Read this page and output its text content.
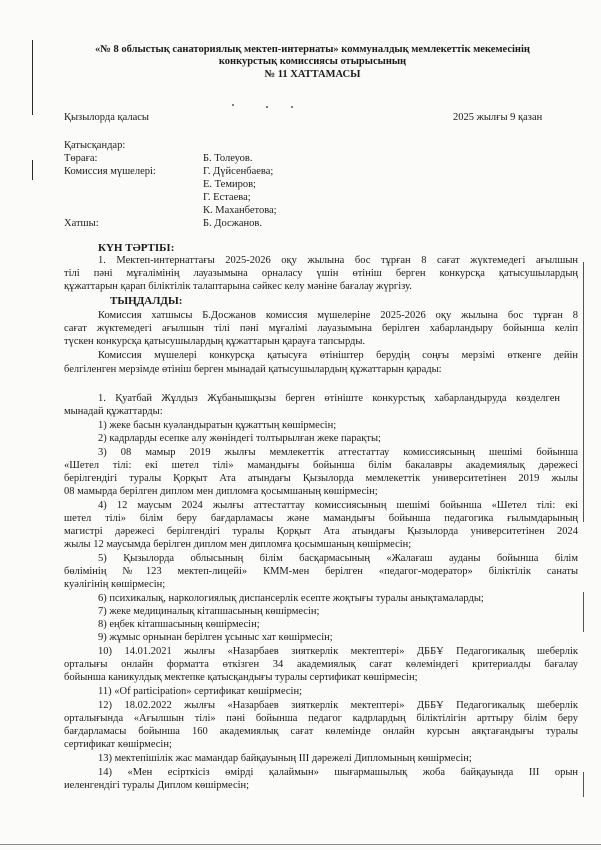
«№ 8 облыстық санаториялық мектеп-интернаты» коммуналдық мемлекеттік мекемесінің
конкурстық комиссиясы отырысының
№ 11 ХАТТАМАСЫ
Қызылорда қаласы	2025 жылғы 9 қазан
Қатысқандар:
Төраға:	Б. Толеуов.
Комиссия мүшелері:	Г. Дүйсенбаева;
Е. Темиров;
Г. Естаева;
К. Маханбетова;
Хатшы:	Б. Досжанов.
КҮН ТӘРТІБІ:
1. Мектеп-интернаттағы 2025-2026 оқу жылына бос тұрған 8 сағат жүктемедегі ағылшын
тілі пәні мұғалімінің лауазымына орналасу үшін өтініш берген конкурсқа қатысушылардың
құжаттарын қарап біліктілік талаптарына сәйкес келу мәніне бағалау жүргізу.
ТЫҢДАЛДЫ:
Комиссия хатшысы Б.Досжанов комиссия мүшелеріне 2025-2026 оқу жылына бос тұрған 8
сағат жүктемедегі ағылшын тілі пәні мұғалімі лауазымына берілген хабарландыру бойынша келіп
түскен конкурсқа қатысушылардың құжаттарын қарауға тапсырды.
Комиссия мүшелері конкурсқа қатысуға өтініштер берудің соңғы мерзімі өткенге дейін
белгіленген мерзімде өтініш берген мынадай қатысушылардың құжаттарын қарады:
1. Қуатбай Жұлдыз Жұбанышқызы берген өтініште конкурстық хабарландыруда көзделген
мынадай құжаттарды:
1) жеке басын куәландыратын құжаттың көшірмесін;
2) кадрларды есепке алу жөніндегі толтырылған жеке парақты;
3) 08 мамыр 2019 жылғы мемлекеттік аттестаттау комиссиясының шешімі бойынша
«Шетел тілі: екі шетел тілі» мамандығы бойынша білім бакалавры академиялық дәрежесі
берілгендігі туралы Қорқыт Ата атындағы Қызылорда мемлекеттік университетінен 2019 жылы
08 мамырда берілген диплом мен дипломға қосымшаның көшірмесін;
4) 12 маусым 2024 жылғы аттестаттау комиссиясының шешімі бойынша «Шетел тілі: екі
шетел тілі» білім беру бағдарламасы және мамандығы бойынша педагогика ғылымдарының
магистрі дәрежесі берілгендігі туралы Қорқыт Ата атындағы Қызылорда университетінен 2024
жылы 12 маусымда берілген диплом мен дипломға қосымшаның көшірмесін;
5) Қызылорда облысының білім басқармасының «Жалағаш ауданы бойынша білім
бөлімінің №123 мектеп-лицейі» КММ-мен берілген «педагог-модератор» біліктілік санаты
куәлігінің көшірмесін;
6) психикалық, наркологиялық диспансерлік есепте жоқтығы туралы анықтамаларды;
7) жеке медициналық кітапшасының көшірмесін;
8) еңбек кітапшасының көшірмесін;
9) жұмыс орнынан берілген ұсыныс хат көшірмесін;
10) 14.01.2021 жылғы «Назарбаев зияткерлік мектептері» ДББҰ Педагогикалық шеберлік
орталығы онлайн форматта өткізген 34 академиялық сағат көлеміндегі критериалды бағалау
бойынша каникулдық мектепке қатысқандығы туралы сертификат көшірмесін;
11) «Of participation» сертификат көшірмесін;
12) 18.02.2022 жылғы «Назарбаев зияткерлік мектептері» ДББҰ Педагогикалық шеберлік
орталығында «Ағылшын тілі» пәні бойынша педагог кадрлардың біліктілігін арттыру білім беру
бағдарламасы бойынша 160 академиялық сағат көлемінде онлайн курсын аяқтағандығы туралы
сертификат көшірмесін;
13) мектепішілік жас мамандар байқауының ІІІ дәрежелі Дипломының көшірмесін;
14) «Мен есірткісіз өмірді қалаймын» шығармашылық жоба байқауында ІІІ орын
иеленгендігі туралы Диплом көшірмесін;
